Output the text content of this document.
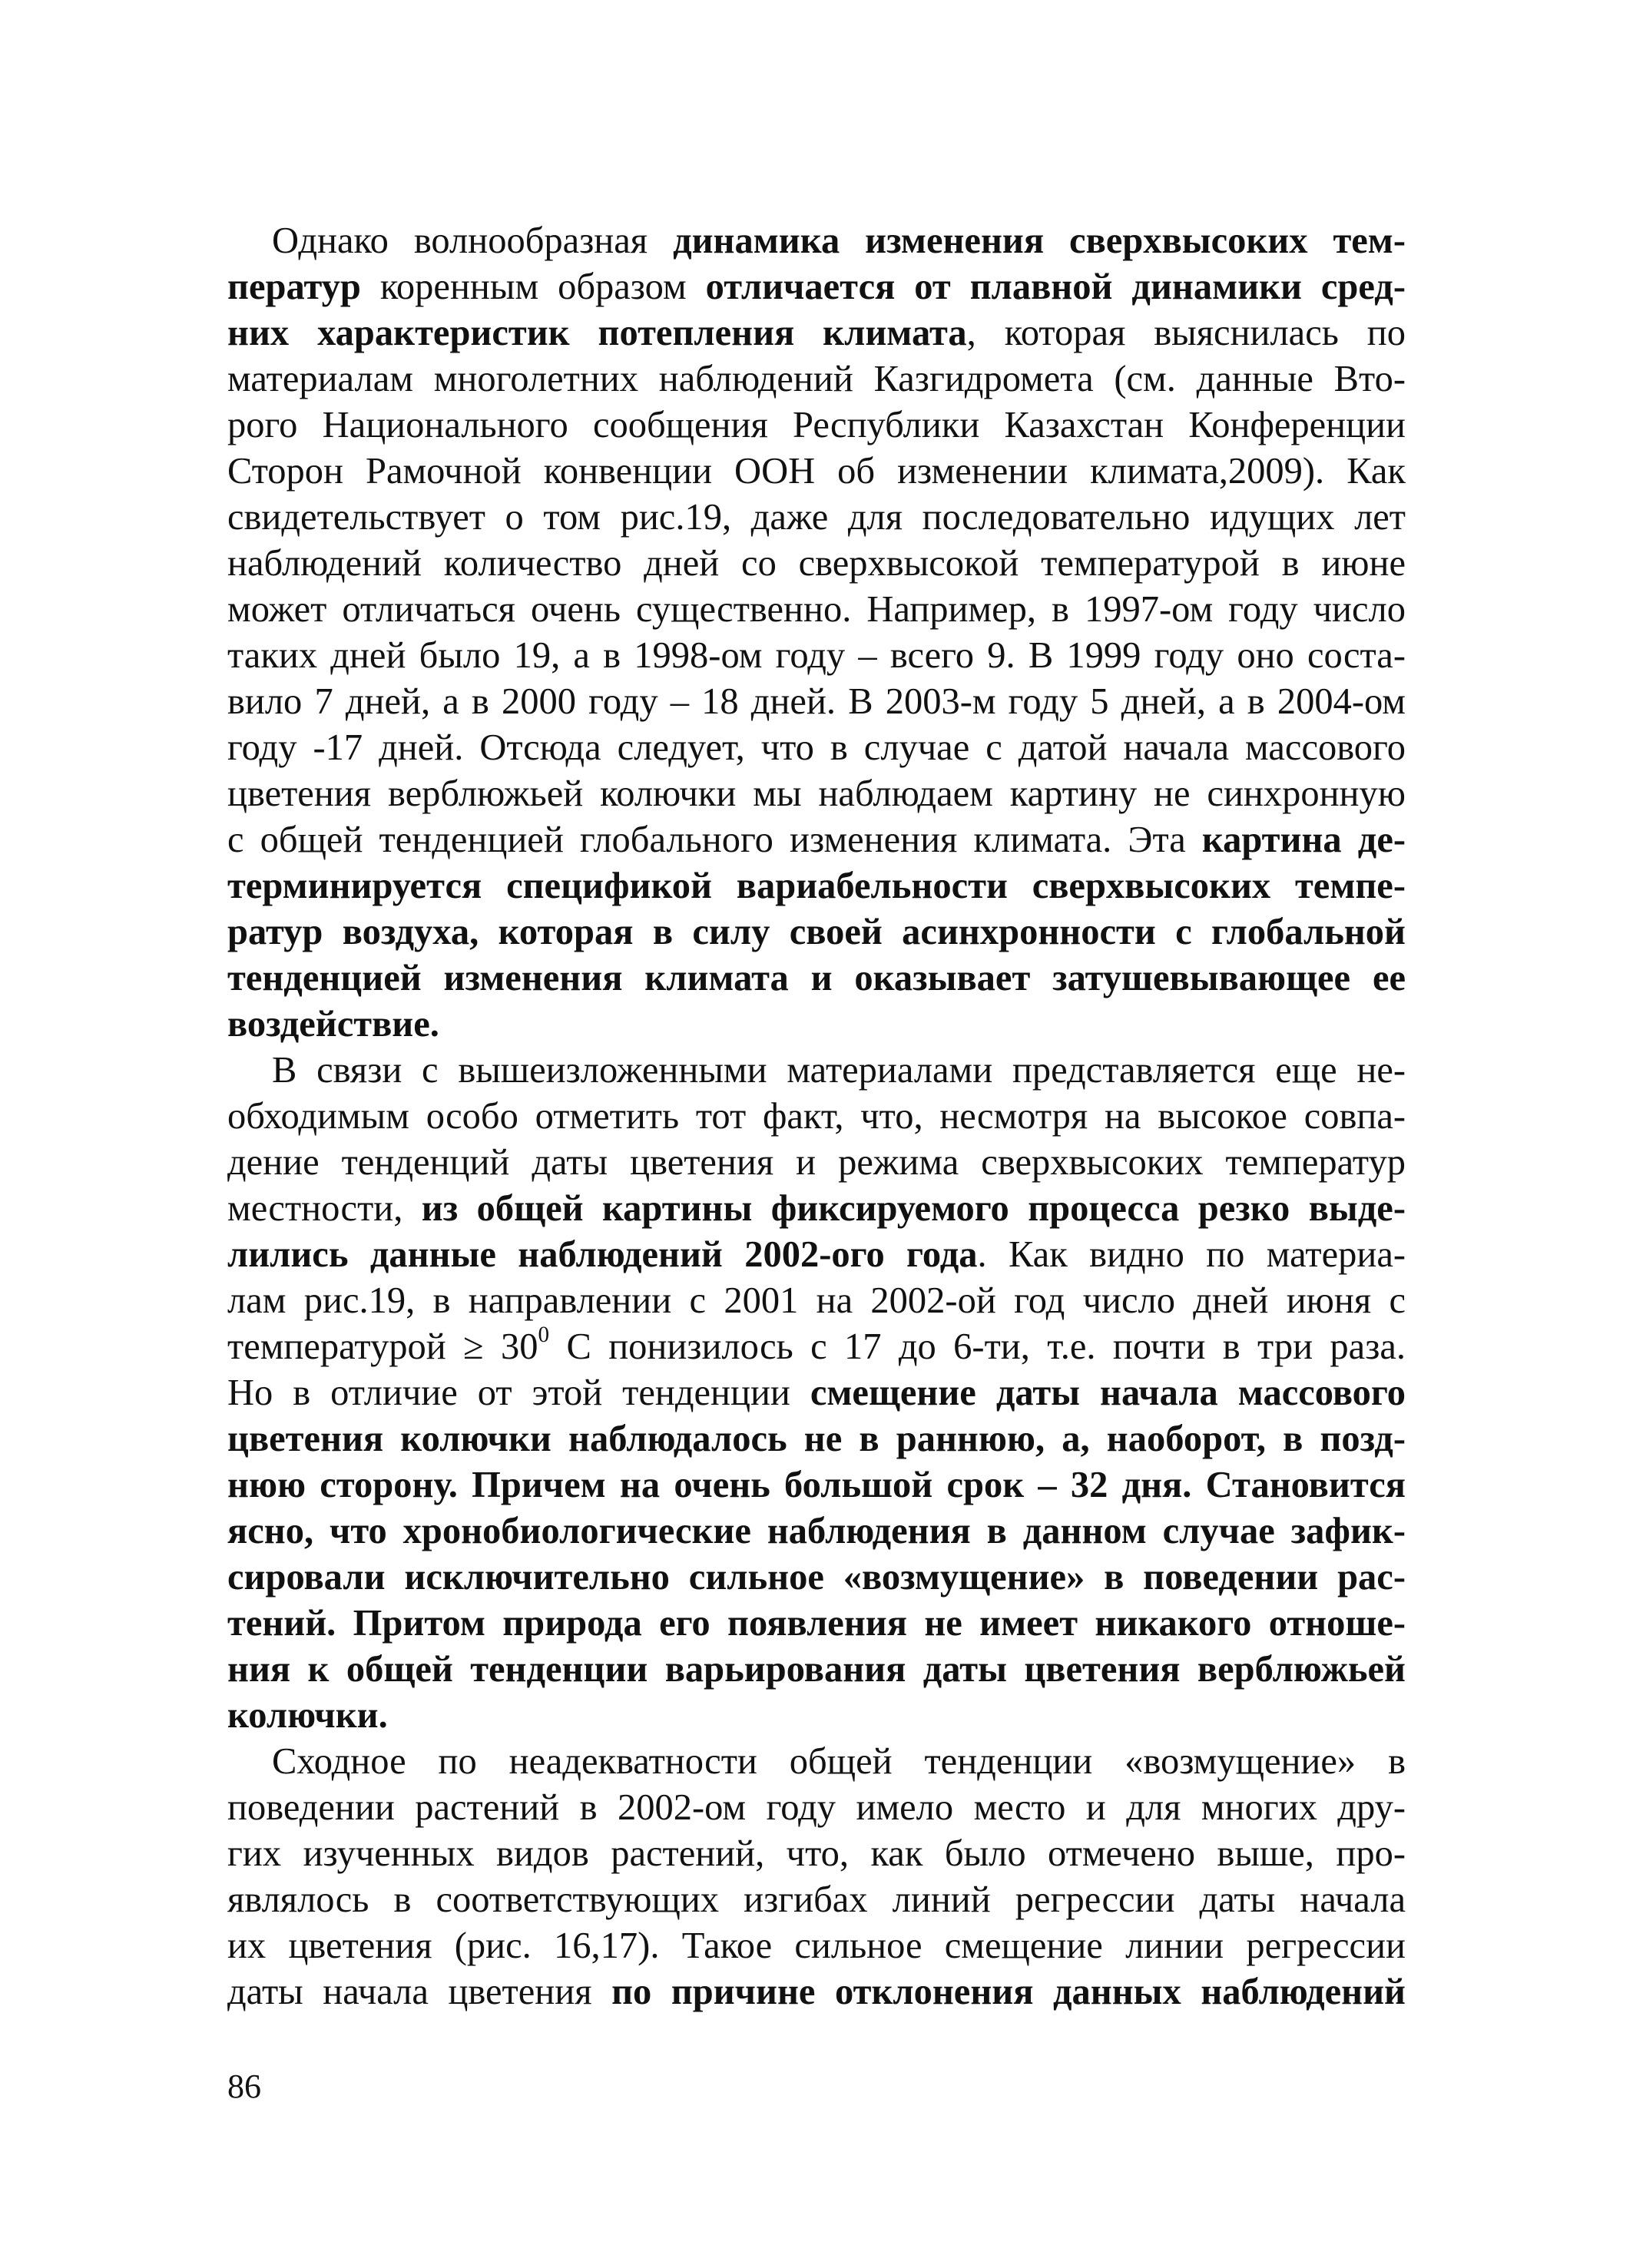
Однако волнообразная динамика изменения сверхвысоких тем-
ператур коренным образом отличается от плавной динамики сред-
них характеристик потепления климата, которая выяснилась по
материалам многолетних наблюдений Казгидромета (см. данные Вто-
рого Национального сообщения Республики Казахстан Конференции
Сторон Рамочной конвенции ООН об изменении климата,2009). Как
свидетельствует о том рис.19, даже для последовательно идущих лет
наблюдений количество дней со сверхвысокой температурой в июне
может отличаться очень существенно. Например, в 1997-ом году число
таких дней было 19, а в 1998-ом году – всего 9. В 1999 году оно соста-
вило 7 дней, а в 2000 году – 18 дней. В 2003-м году 5 дней, а в 2004-ом
году -17 дней. Отсюда следует, что в случае с датой начала массового
цветения верблюжьей колючки мы наблюдаем картину не синхронную
с общей тенденцией глобального изменения климата. Эта картина де-
терминируется спецификой вариабельности сверхвысоких темпе-
ратур воздуха, которая в силу своей асинхронности с глобальной
тенденцией изменения климата и оказывает затушевывающее ее
воздействие.
В связи с вышеизложенными материалами представляется еще не-
обходимым особо отметить тот факт, что, несмотря на высокое совпа-
дение тенденций даты цветения и режима сверхвысоких температур
местности, из общей картины фиксируемого процесса резко выде-
лились данные наблюдений 2002-ого года. Как видно по материа-
лам рис.19, в направлении с 2001 на 2002-ой год число дней июня с
температурой ≥ $30^0$ C понизилось с 17 до 6-ти, т.е. почти в три раза.
Но в отличие от этой тенденции смещение даты начала массового
цветения колючки наблюдалось не в раннюю, а, наоборот, в позд-
нюю сторону. Причем на очень большой срок – 32 дня. Становится
ясно, что хронобиологические наблюдения в данном случае зафик-
сировали исключительно сильное «возмущение» в поведении рас-
тений. Притом природа его появления не имеет никакого отноше-
ния к общей тенденции варьирования даты цветения верблюжьей
колючки.
Сходное по неадекватности общей тенденции «возмущение» в
поведении растений в 2002-ом году имело место и для многих дру-
гих изученных видов растений, что, как было отмечено выше, про-
являлось в соответствующих изгибах линий регрессии даты начала
их цветения (рис. 16,17). Такое сильное смещение линии регрессии
даты начала цветения по причине отклонения данных наблюдений
86
